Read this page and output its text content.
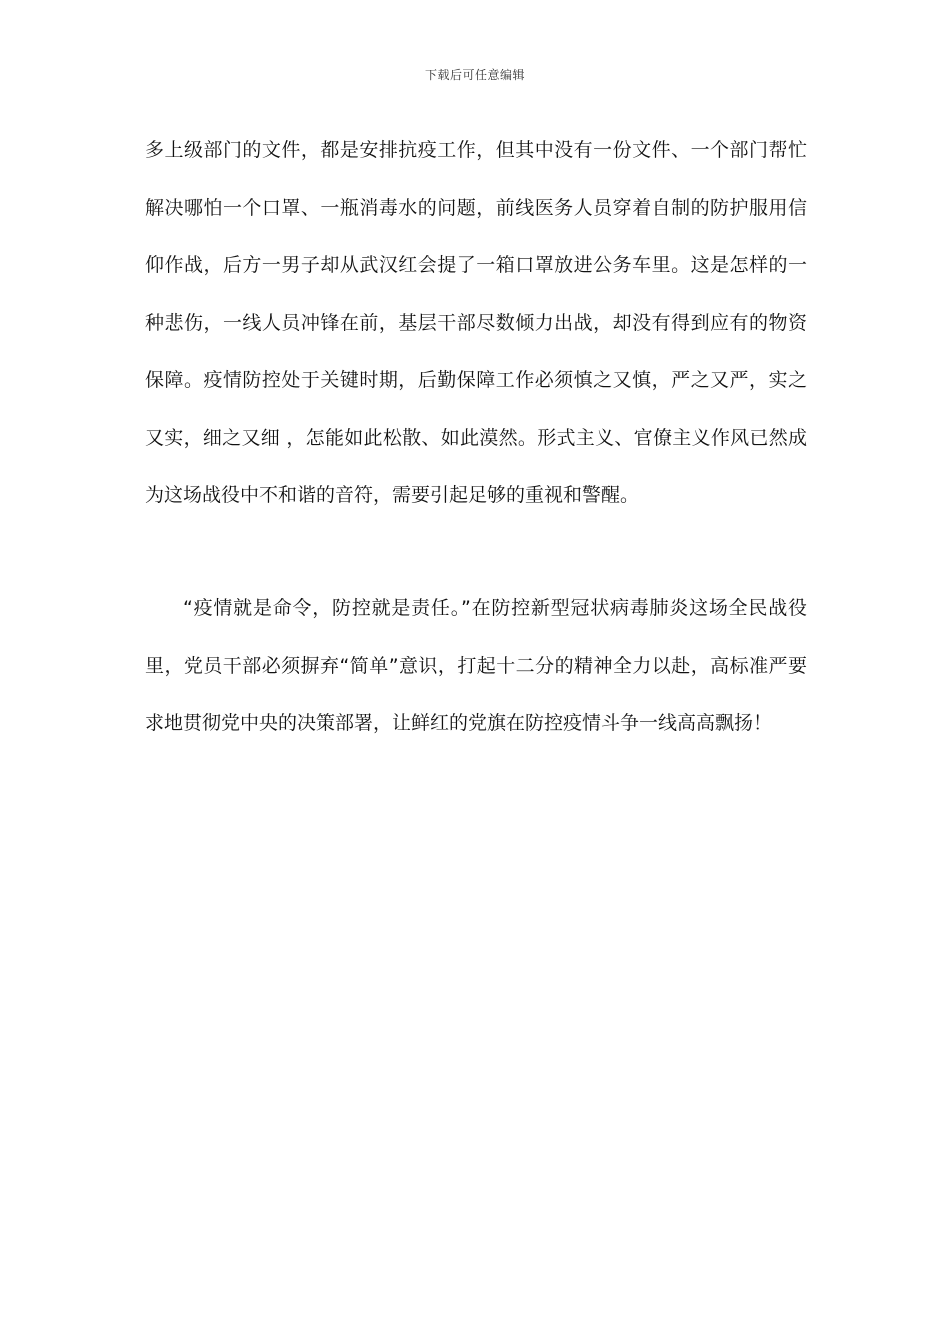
下载后可任意编辑

多上级部门的文件，都是安排抗疫工作，但其中没有一份文件、一个部门帮忙解决哪怕一个口罩、一瓶消毒水的问题，前线医务人员穿着自制的防护服用信仰作战，后方一男子却从武汉红会提了一箱口罩放进公务车里。这是怎样的一种悲伤，一线人员冲锋在前，基层干部尽数倾力出战，却没有得到应有的物资保障。疫情防控处于关键时期，后勤保障工作必须慎之又慎，严之又严，实之又实，细之又细 ，怎能如此松散、如此漠然。形式主义、官僚主义作风已然成为这场战役中不和谐的音符，需要引起足够的重视和警醒。

“疫情就是命令，防控就是责任。”在防控新型冠状病毒肺炎这场全民战役里，党员干部必须摒弃“简单”意识，打起十二分的精神全力以赴，高标准严要求地贯彻党中央的决策部署，让鲜红的党旗在防控疫情斗争一线高高飘扬！
